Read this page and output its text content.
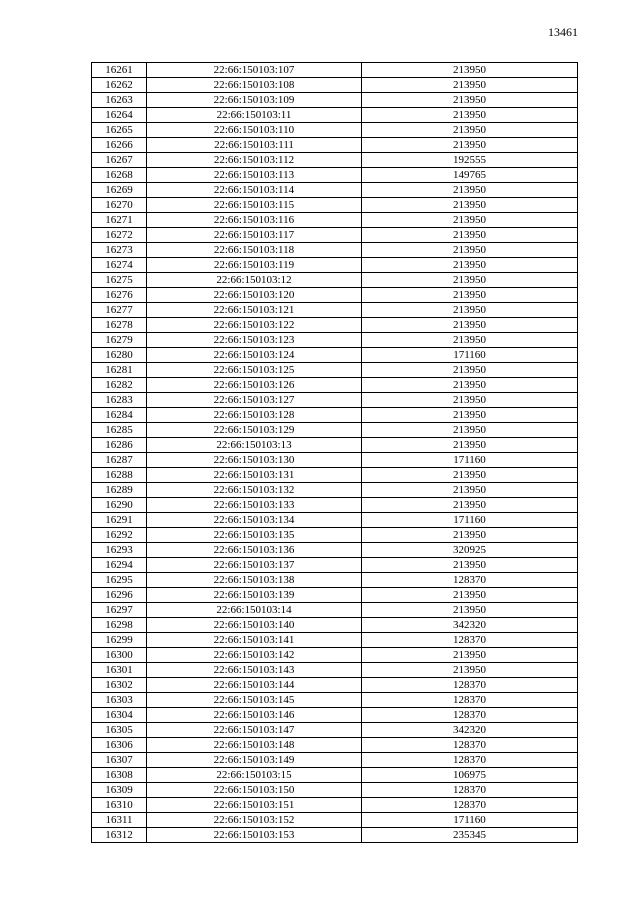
13461
16261	22:66:150103:107	213950
16262	22:66:150103:108	213950
16263	22:66:150103:109	213950
16264	22:66:150103:11	213950
16265	22:66:150103:110	213950
16266	22:66:150103:111	213950
16267	22:66:150103:112	192555
16268	22:66:150103:113	149765
16269	22:66:150103:114	213950
16270	22:66:150103:115	213950
16271	22:66:150103:116	213950
16272	22:66:150103:117	213950
16273	22:66:150103:118	213950
16274	22:66:150103:119	213950
16275	22:66:150103:12	213950
16276	22:66:150103:120	213950
16277	22:66:150103:121	213950
16278	22:66:150103:122	213950
16279	22:66:150103:123	213950
16280	22:66:150103:124	171160
16281	22:66:150103:125	213950
16282	22:66:150103:126	213950
16283	22:66:150103:127	213950
16284	22:66:150103:128	213950
16285	22:66:150103:129	213950
16286	22:66:150103:13	213950
16287	22:66:150103:130	171160
16288	22:66:150103:131	213950
16289	22:66:150103:132	213950
16290	22:66:150103:133	213950
16291	22:66:150103:134	171160
16292	22:66:150103:135	213950
16293	22:66:150103:136	320925
16294	22:66:150103:137	213950
16295	22:66:150103:138	128370
16296	22:66:150103:139	213950
16297	22:66:150103:14	213950
16298	22:66:150103:140	342320
16299	22:66:150103:141	128370
16300	22:66:150103:142	213950
16301	22:66:150103:143	213950
16302	22:66:150103:144	128370
16303	22:66:150103:145	128370
16304	22:66:150103:146	128370
16305	22:66:150103:147	342320
16306	22:66:150103:148	128370
16307	22:66:150103:149	128370
16308	22:66:150103:15	106975
16309	22:66:150103:150	128370
16310	22:66:150103:151	128370
16311	22:66:150103:152	171160
16312	22:66:150103:153	235345
